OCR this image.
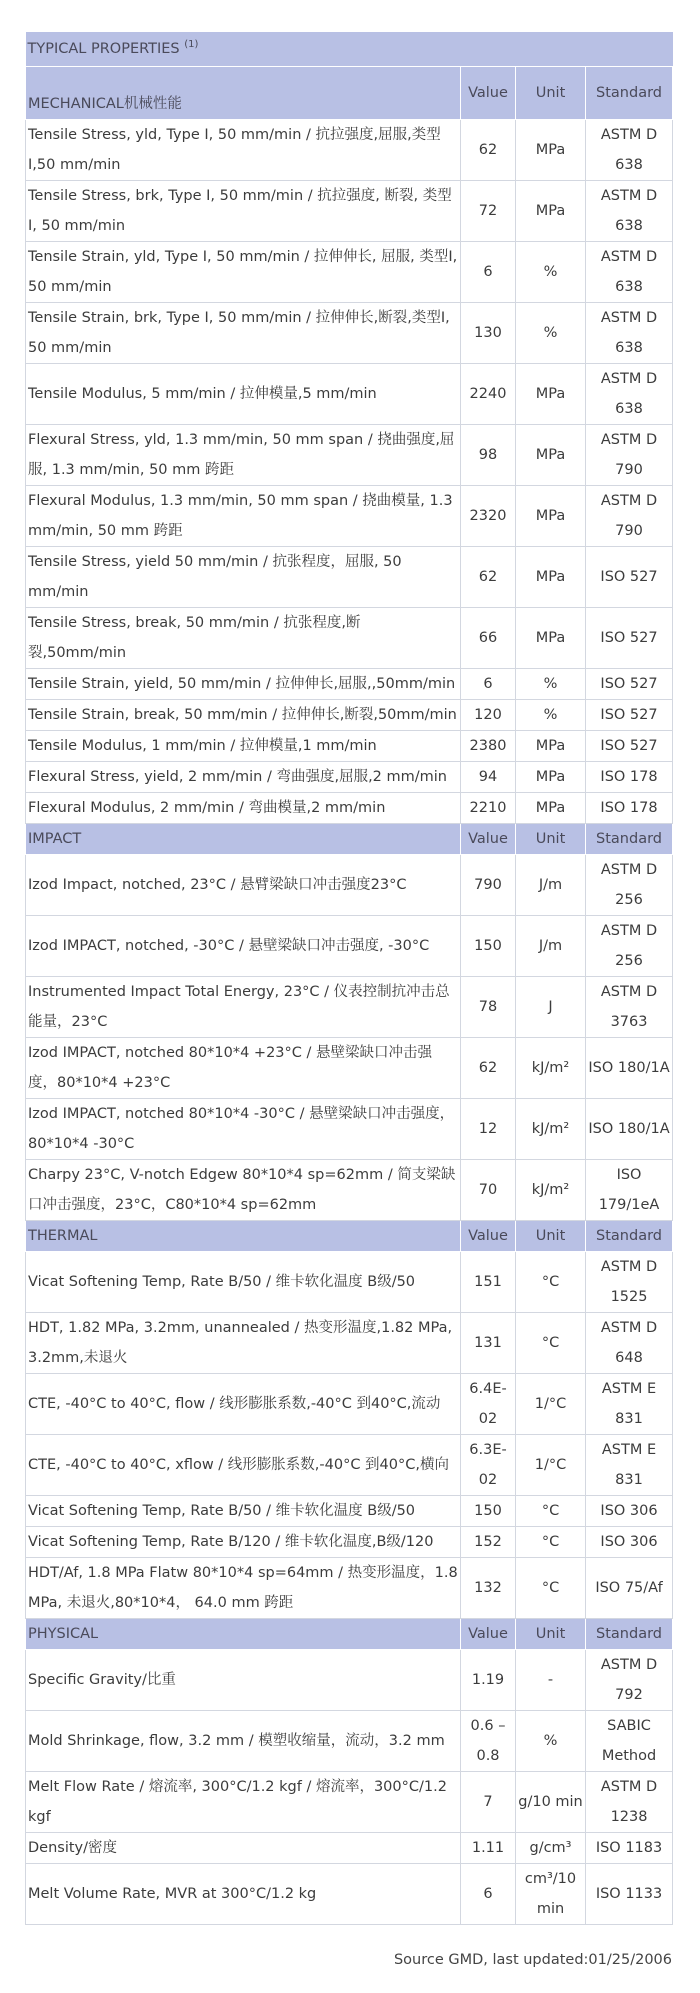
TYPICAL PROPERTIES $^{(1)}$
MECHANICAL机械性能	Value	Unit	Standard
Tensile Stress, yld, Type I, 50 mm/min / 抗拉强度,屈服,类型I,50 mm/min	62	MPa	ASTM D 638
Tensile Stress, brk, Type I, 50 mm/min / 抗拉强度, 断裂, 类型I, 50 mm/min	72	MPa	ASTM D 638
Tensile Strain, yld, Type I, 50 mm/min / 拉伸伸长, 屈服, 类型I, 50 mm/min	6	%	ASTM D 638
Tensile Strain, brk, Type I, 50 mm/min / 拉伸伸长,断裂,类型I, 50 mm/min	130	%	ASTM D 638
Tensile Modulus, 5 mm/min / 拉伸模量,5 mm/min	2240	MPa	ASTM D 638
Flexural Stress, yld, 1.3 mm/min, 50 mm span / 挠曲强度,屈服, 1.3 mm/min, 50 mm 跨距	98	MPa	ASTM D 790
Flexural Modulus, 1.3 mm/min, 50 mm span / 挠曲模量, 1.3 mm/min, 50 mm 跨距	2320	MPa	ASTM D 790
Tensile Stress, yield 50 mm/min / 抗张程度，屈服, 50 mm/min	62	MPa	ISO 527
Tensile Stress, break, 50 mm/min / 抗张程度,断裂,50mm/min	66	MPa	ISO 527
Tensile Strain, yield, 50 mm/min / 拉伸伸长,屈服,,50mm/min	6	%	ISO 527
Tensile Strain, break, 50 mm/min / 拉伸伸长,断裂,50mm/min	120	%	ISO 527
Tensile Modulus, 1 mm/min / 拉伸模量,1 mm/min	2380	MPa	ISO 527
Flexural Stress, yield, 2 mm/min / 弯曲强度,屈服,2 mm/min	94	MPa	ISO 178
Flexural Modulus, 2 mm/min / 弯曲模量,2 mm/min	2210	MPa	ISO 178
IMPACT	Value	Unit	Standard
Izod Impact, notched, 23°C / 悬臂梁缺口冲击强度23°C	790	J/m	ASTM D 256
Izod IMPACT, notched, -30°C / 悬壁梁缺口冲击强度, -30°C	150	J/m	ASTM D 256
Instrumented Impact Total Energy, 23°C / 仪表控制抗冲击总能量，23°C	78	J	ASTM D 3763
Izod IMPACT, notched 80*10*4 +23°C / 悬壁梁缺口冲击强度，80*10*4 +23°C	62	kJ/m²	ISO 180/1A
Izod IMPACT, notched 80*10*4 -30°C / 悬壁梁缺口冲击强度，80*10*4 -30°C	12	kJ/m²	ISO 180/1A
Charpy 23°C, V-notch Edgew 80*10*4 sp=62mm / 简支梁缺口冲击强度，23°C，C80*10*4 sp=62mm	70	kJ/m²	ISO 179/1eA
THERMAL	Value	Unit	Standard
Vicat Softening Temp, Rate B/50 / 维卡软化温度 B级/50	151	°C	ASTM D 1525
HDT, 1.82 MPa, 3.2mm, unannealed / 热变形温度,1.82 MPa, 3.2mm,未退火	131	°C	ASTM D 648
CTE, -40°C to 40°C, flow / 线形膨胀系数,-40°C 到40°C,流动	6.4E-02	1/°C	ASTM E 831
CTE, -40°C to 40°C, xflow / 线形膨胀系数,-40°C 到40°C,横向	6.3E-02	1/°C	ASTM E 831
Vicat Softening Temp, Rate B/50 / 维卡软化温度 B级/50	150	°C	ISO 306
Vicat Softening Temp, Rate B/120 / 维卡软化温度,B级/120	152	°C	ISO 306
HDT/Af, 1.8 MPa Flatw 80*10*4 sp=64mm / 热变形温度，1.8 MPa, 未退火,80*10*4， 64.0 mm 跨距	132	°C	ISO 75/Af
PHYSICAL	Value	Unit	Standard
Specific Gravity/比重	1.19	-	ASTM D 792
Mold Shrinkage, flow, 3.2 mm / 模塑收缩量，流动，3.2 mm	0.6 – 0.8	%	SABIC Method
Melt Flow Rate / 熔流率, 300°C/1.2 kgf / 熔流率，300°C/1.2 kgf	7	g/10 min	ASTM D 1238
Density/密度	1.11	g/cm³	ISO 1183
Melt Volume Rate, MVR at 300°C/1.2 kg	6	cm³/10 min	ISO 1133
Source GMD, last updated:01/25/2006
